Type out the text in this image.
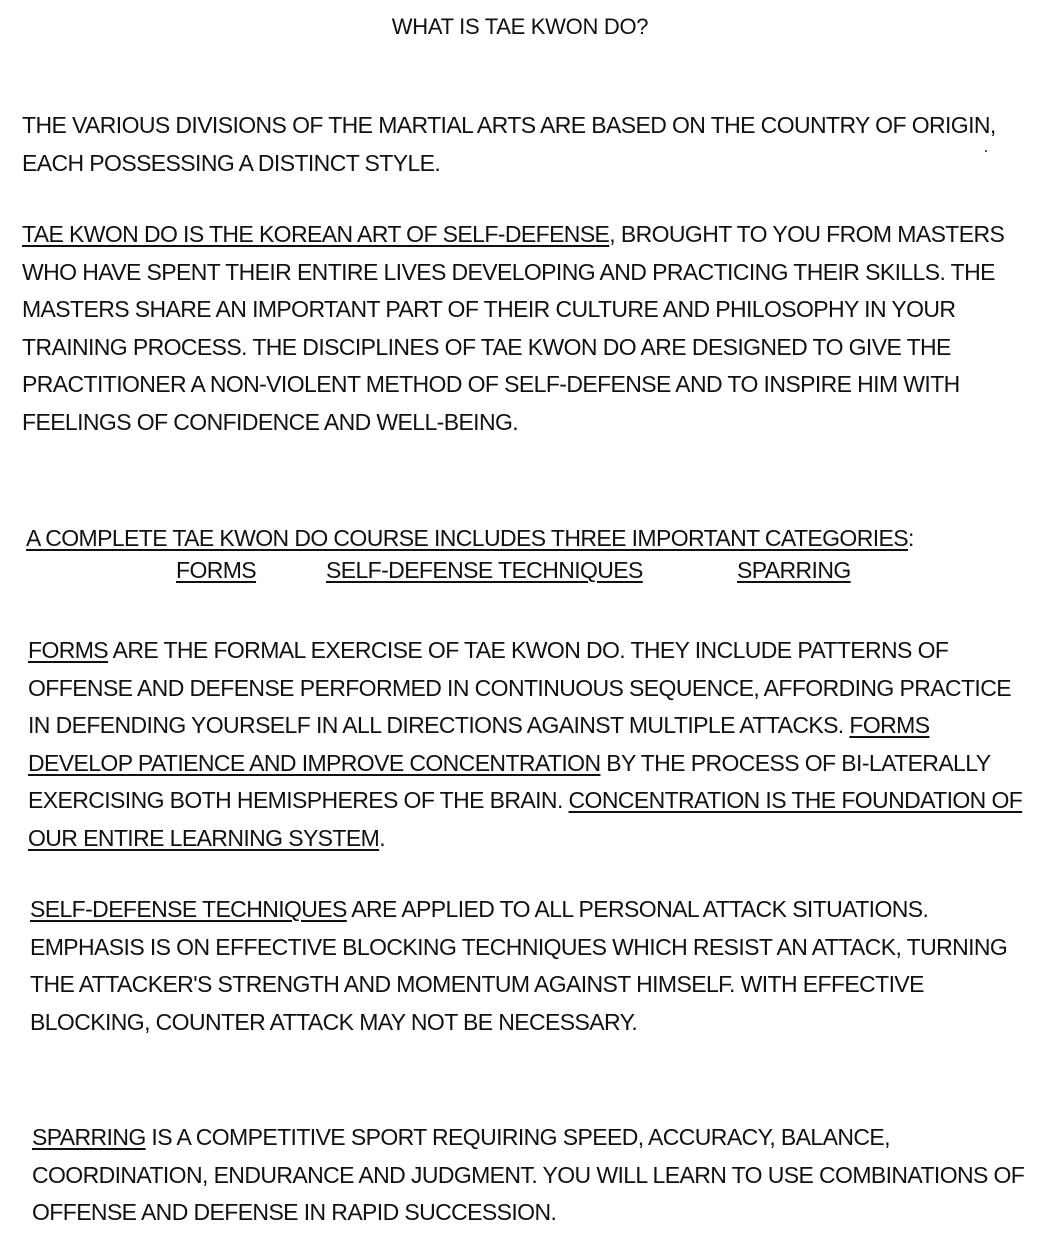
WHAT IS TAE KWON DO?

THE VARIOUS DIVISIONS OF THE MARTIAL ARTS ARE BASED ON THE COUNTRY OF ORIGIN, EACH POSSESSING A DISTINCT STYLE.

TAE KWON DO IS THE KOREAN ART OF SELF-DEFENSE, BROUGHT TO YOU FROM MASTERS WHO HAVE SPENT THEIR ENTIRE LIVES DEVELOPING AND PRACTICING THEIR SKILLS. THE MASTERS SHARE AN IMPORTANT PART OF THEIR CULTURE AND PHILOSOPHY IN YOUR TRAINING PROCESS. THE DISCIPLINES OF TAE KWON DO ARE DESIGNED TO GIVE THE PRACTITIONER A NON-VIOLENT METHOD OF SELF-DEFENSE AND TO INSPIRE HIM WITH FEELINGS OF CONFIDENCE AND WELL-BEING.

A COMPLETE TAE KWON DO COURSE INCLUDES THREE IMPORTANT CATEGORIES:

FORMS	SELF-DEFENSE TECHNIQUES	SPARRING

FORMS ARE THE FORMAL EXERCISE OF TAE KWON DO. THEY INCLUDE PATTERNS OF OFFENSE AND DEFENSE PERFORMED IN CONTINUOUS SEQUENCE, AFFORDING PRACTICE IN DEFENDING YOURSELF IN ALL DIRECTIONS AGAINST MULTIPLE ATTACKS. FORMS DEVELOP PATIENCE AND IMPROVE CONCENTRATION BY THE PROCESS OF BI-LATERALLY EXERCISING BOTH HEMISPHERES OF THE BRAIN. CONCENTRATION IS THE FOUNDATION OF OUR ENTIRE LEARNING SYSTEM.

SELF-DEFENSE TECHNIQUES ARE APPLIED TO ALL PERSONAL ATTACK SITUATIONS. EMPHASIS IS ON EFFECTIVE BLOCKING TECHNIQUES WHICH RESIST AN ATTACK, TURNING THE ATTACKER'S STRENGTH AND MOMENTUM AGAINST HIMSELF. WITH EFFECTIVE BLOCKING, COUNTER ATTACK MAY NOT BE NECESSARY.

SPARRING IS A COMPETITIVE SPORT REQUIRING SPEED, ACCURACY, BALANCE, COORDINATION, ENDURANCE AND JUDGMENT. YOU WILL LEARN TO USE COMBINATIONS OF OFFENSE AND DEFENSE IN RAPID SUCCESSION.
